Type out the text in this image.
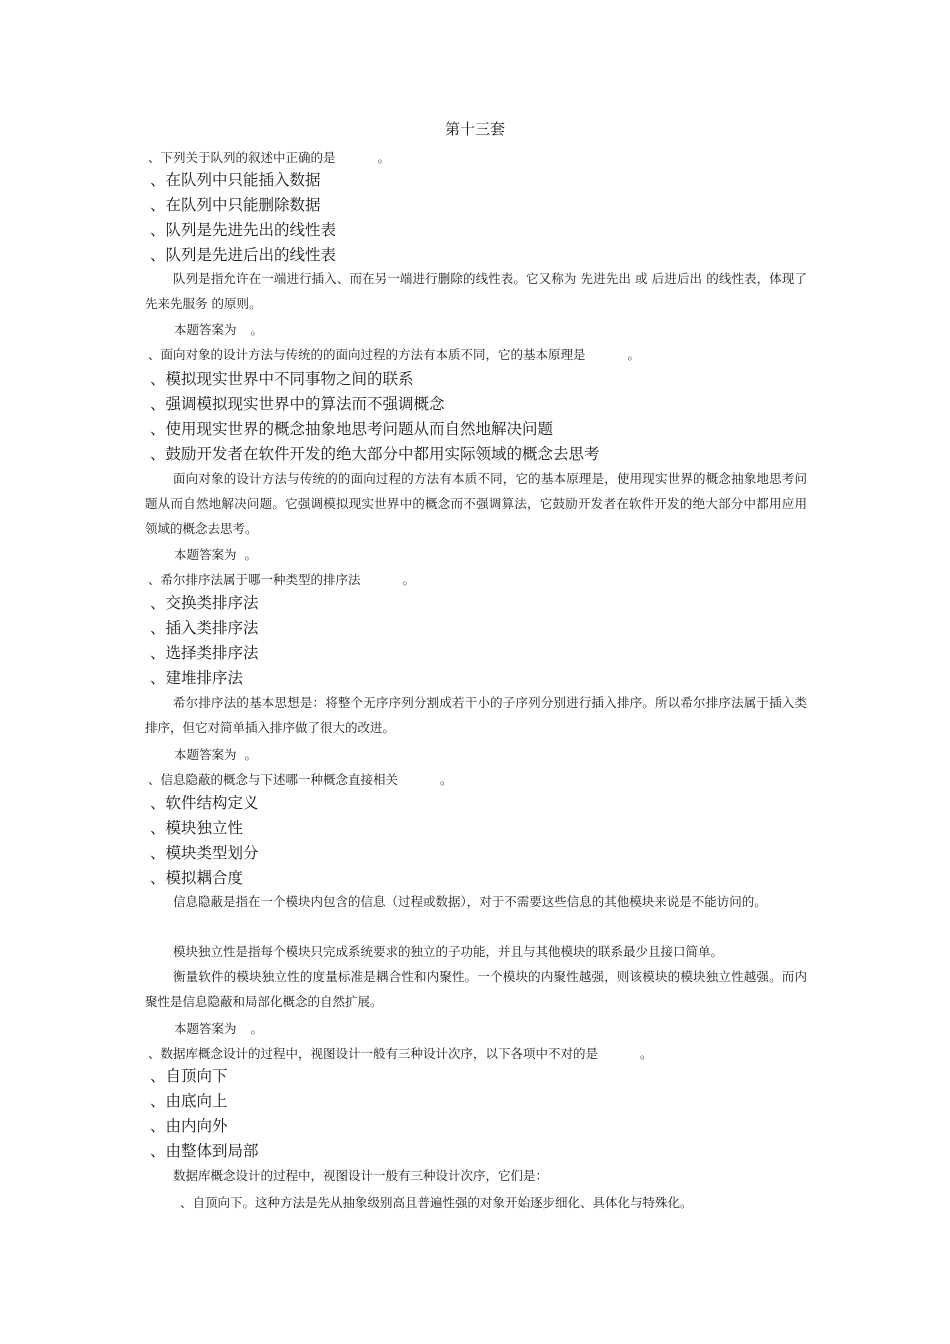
第十三套
、下列关于队列的叙述中正确的是	。
、在队列中只能插入数据
、在队列中只能删除数据
、队列是先进先出的线性表
、队列是先进后出的线性表
队列是指允许在一端进行插入、而在另一端进行删除的线性表。它又称为 先进先出 或 后进后出 的线性表，体现了 先来先服务 的原则。
本题答案为 。
、面向对象的设计方法与传统的的面向过程的方法有本质不同，它的基本原理是	。
、模拟现实世界中不同事物之间的联系
、强调模拟现实世界中的算法而不强调概念
、使用现实世界的概念抽象地思考问题从而自然地解决问题
、鼓励开发者在软件开发的绝大部分中都用实际领域的概念去思考
面向对象的设计方法与传统的的面向过程的方法有本质不同，它的基本原理是，使用现实世界的概念抽象地思考问题从而自然地解决问题。它强调模拟现实世界中的概念而不强调算法，它鼓励开发者在软件开发的绝大部分中都用应用领域的概念去思考。
本题答案为 。
、希尔排序法属于哪一种类型的排序法	。
、交换类排序法
、插入类排序法
、选择类排序法
、建堆排序法
希尔排序法的基本思想是：将整个无序序列分割成若干小的子序列分别进行插入排序。所以希尔排序法属于插入类排序，但它对简单插入排序做了很大的改进。
本题答案为 。
、信息隐蔽的概念与下述哪一种概念直接相关	。
、软件结构定义
、模块独立性
、模块类型划分
、模拟耦合度
信息隐蔽是指在一个模块内包含的信息（过程或数据），对于不需要这些信息的其他模块来说是不能访问的。
模块独立性是指每个模块只完成系统要求的独立的子功能，并且与其他模块的联系最少且接口简单。
衡量软件的模块独立性的度量标准是耦合性和内聚性。一个模块的内聚性越强，则该模块的模块独立性越强。而内聚性是信息隐蔽和局部化概念的自然扩展。
本题答案为 。
、数据库概念设计的过程中，视图设计一般有三种设计次序，以下各项中不对的是	。
、自顶向下
、由底向上
、由内向外
、由整体到局部
数据库概念设计的过程中，视图设计一般有三种设计次序，它们是：
、自顶向下。这种方法是先从抽象级别高且普遍性强的对象开始逐步细化、具体化与特殊化。
